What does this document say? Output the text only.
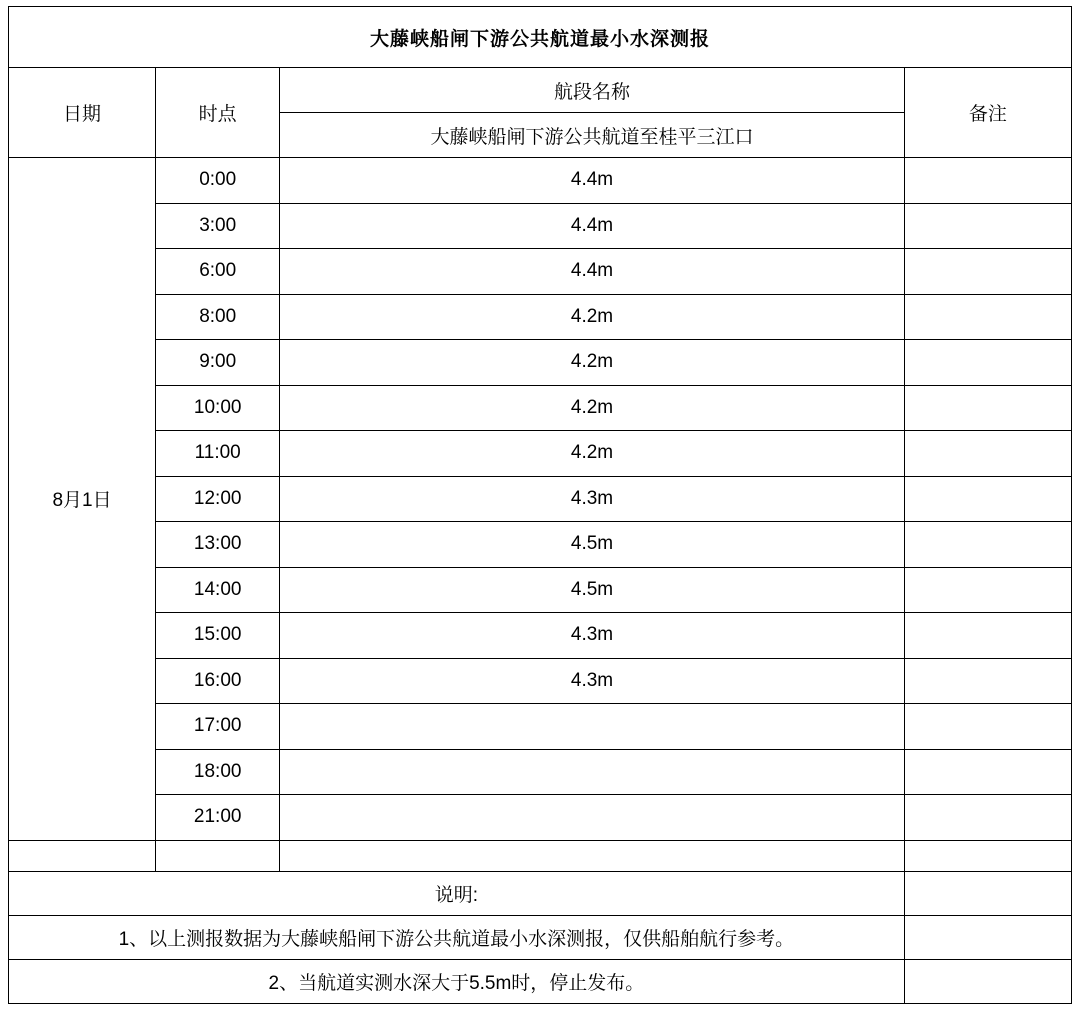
大藤峡船闸下游公共航道最小水深测报			
日期	时点	航段名称	备注
		大藤峡船闸下游公共航道至桂平三江口	
8月1日	0:00	4.4m	
	3:00	4.4m	
	6:00	4.4m	
	8:00	4.2m	
	9:00	4.2m	
	10:00	4.2m	
	11:00	4.2m	
	12:00	4.3m	
	13:00	4.5m	
	14:00	4.5m	
	15:00	4.3m	
	16:00	4.3m	
	17:00		
	18:00		
	21:00		

说明:			
1、以上测报数据为大藤峡船闸下游公共航道最小水深测报，仅供船舶航行参考。			
2、当航道实测水深大于5.5m时，停止发布。			
